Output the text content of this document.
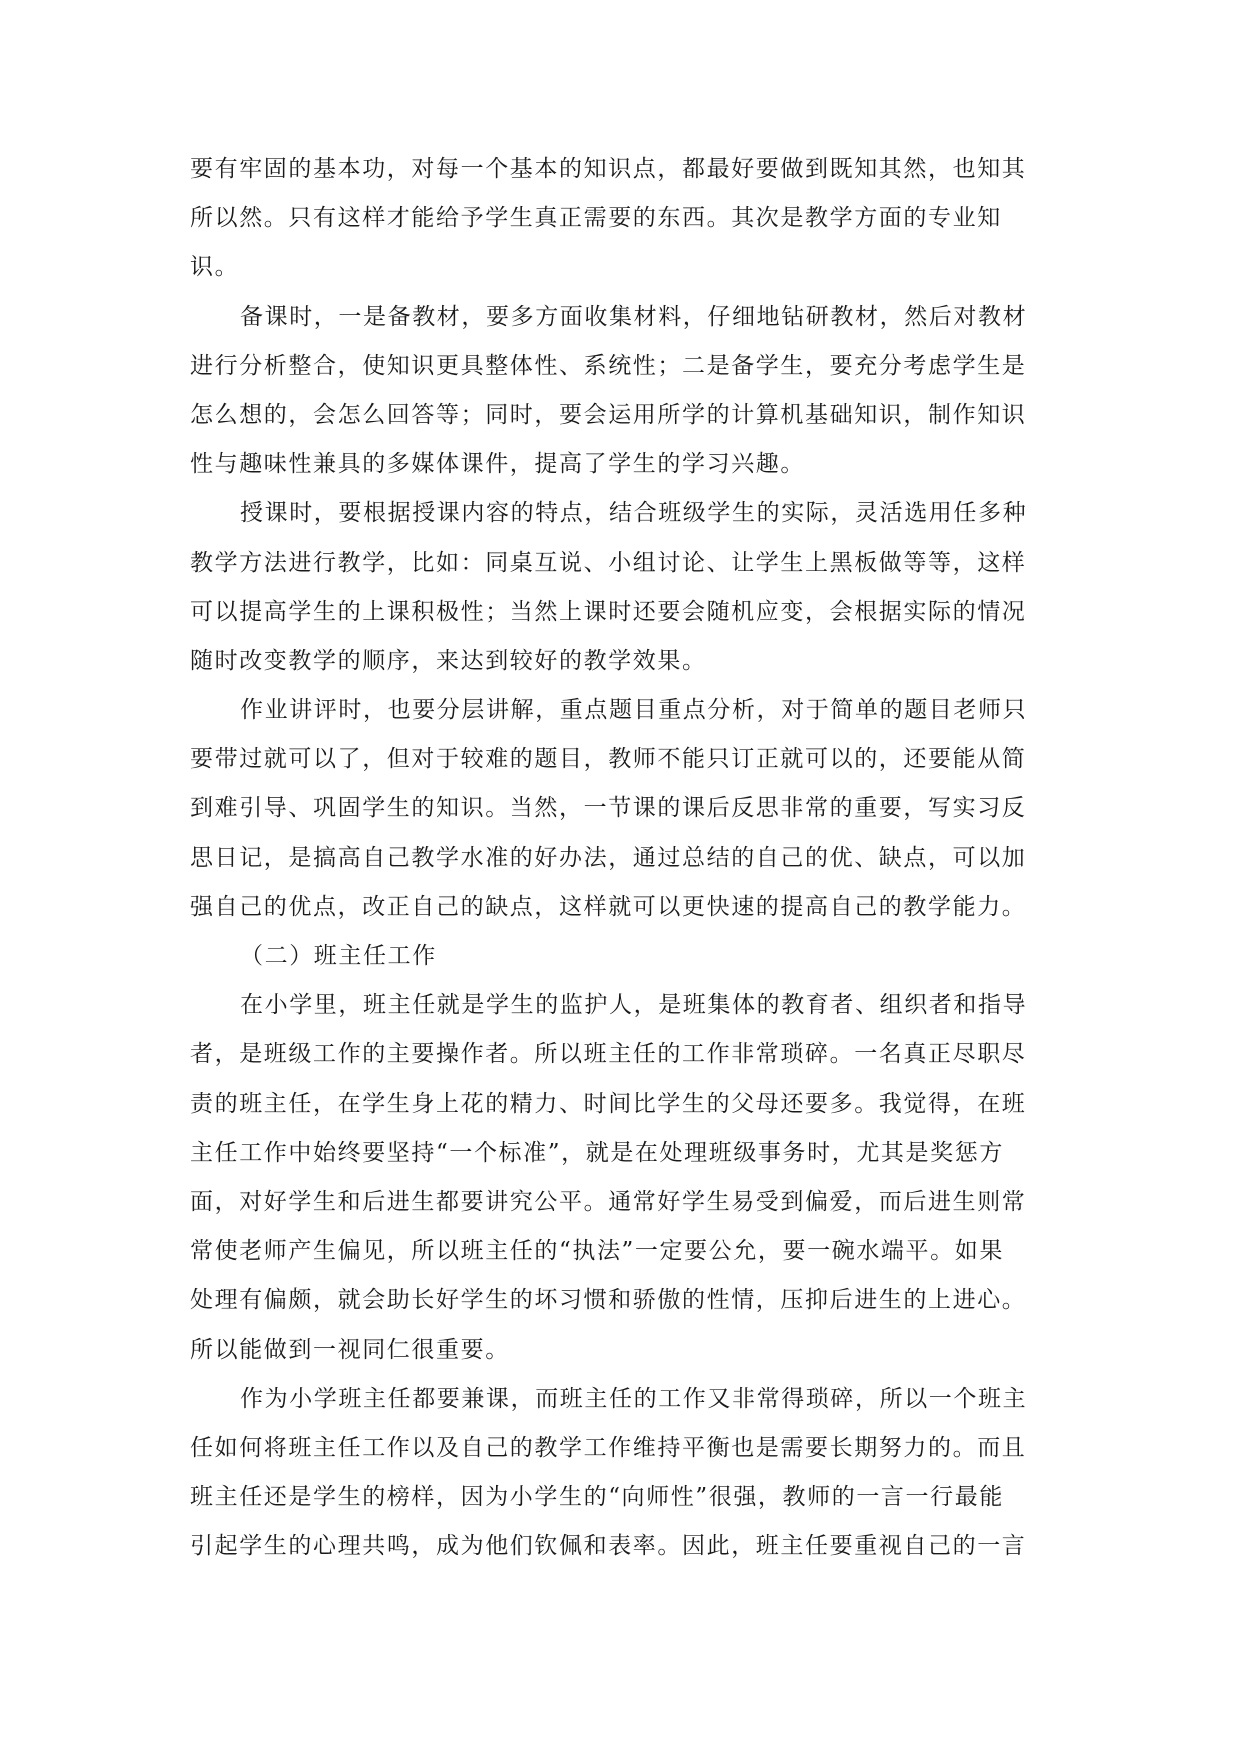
要有牢固的基本功，对每一个基本的知识点，都最好要做到既知其然，也知其
所以然。只有这样才能给予学生真正需要的东西。其次是教学方面的专业知
识。
备课时，一是备教材，要多方面收集材料，仔细地钻研教材，然后对教材
进行分析整合，使知识更具整体性、系统性；二是备学生，要充分考虑学生是
怎么想的，会怎么回答等；同时，要会运用所学的计算机基础知识，制作知识
性与趣味性兼具的多媒体课件，提高了学生的学习兴趣。
授课时，要根据授课内容的特点，结合班级学生的实际，灵活选用任多种
教学方法进行教学，比如：同桌互说、小组讨论、让学生上黑板做等等，这样
可以提高学生的上课积极性；当然上课时还要会随机应变，会根据实际的情况
随时改变教学的顺序，来达到较好的教学效果。
作业讲评时，也要分层讲解，重点题目重点分析，对于简单的题目老师只
要带过就可以了，但对于较难的题目，教师不能只订正就可以的，还要能从简
到难引导、巩固学生的知识。当然，一节课的课后反思非常的重要，写实习反
思日记，是搞高自己教学水准的好办法，通过总结的自己的优、缺点，可以加
强自己的优点，改正自己的缺点，这样就可以更快速的提高自己的教学能力。
（二）班主任工作
在小学里，班主任就是学生的监护人，是班集体的教育者、组织者和指导
者，是班级工作的主要操作者。所以班主任的工作非常琐碎。一名真正尽职尽
责的班主任，在学生身上花的精力、时间比学生的父母还要多。我觉得，在班
主任工作中始终要坚持“一个标准”，就是在处理班级事务时，尤其是奖惩方
面，对好学生和后进生都要讲究公平。通常好学生易受到偏爱，而后进生则常
常使老师产生偏见，所以班主任的“执法”一定要公允，要一碗水端平。如果
处理有偏颇，就会助长好学生的坏习惯和骄傲的性情，压抑后进生的上进心。
所以能做到一视同仁很重要。
作为小学班主任都要兼课，而班主任的工作又非常得琐碎，所以一个班主
任如何将班主任工作以及自己的教学工作维持平衡也是需要长期努力的。而且
班主任还是学生的榜样，因为小学生的“向师性”很强，教师的一言一行最能
引起学生的心理共鸣，成为他们钦佩和表率。因此，班主任要重视自己的一言
